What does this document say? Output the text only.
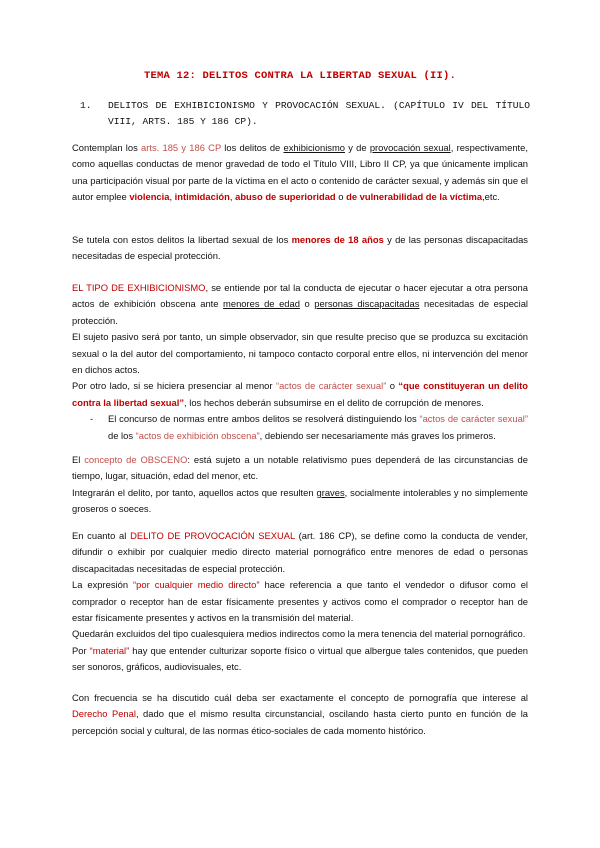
TEMA 12: DELITOS CONTRA LA LIBERTAD SEXUAL (II).
1.	DELITOS DE EXHIBICIONISMO Y PROVOCACIÓN SEXUAL. (CAPÍTULO IV DEL TÍTULO VIII, ARTS. 185 Y 186 CP).
Contemplan los arts. 185 y 186 CP los delitos de exhibicionismo y de provocación sexual, respectivamente, como aquellas conductas de menor gravedad de todo el Título VIII, Libro II CP, ya que únicamente implican una participación visual por parte de la víctima en el acto o contenido de carácter sexual, y además sin que el autor emplee violencia, intimidación, abuso de superioridad o de vulnerabilidad de la víctima,etc.
Se tutela con estos delitos la libertad sexual de los menores de 18 años y de las personas discapacitadas necesitadas de especial protección.

EL TIPO DE EXHIBICIONISMO, se entiende por tal la conducta de ejecutar o hacer ejecutar a otra persona actos de exhibición obscena ante menores de edad o personas discapacitadas necesitadas de especial protección.

El sujeto pasivo será por tanto, un simple observador, sin que resulte preciso que se produzca su excitación sexual o la del autor del comportamiento, ni tampoco contacto corporal entre ellos, ni intervención del menor en dichos actos.

Por otro lado, si se hiciera presenciar al menor “actos de carácter sexual” o “que constituyeran un delito contra la libertad sexual”, los hechos deberán subsumirse en el delito de corrupción de menores.

- El concurso de normas entre ambos delitos se resolverá distinguiendo los “actos de carácter sexual” de los “actos de exhibición obscena”, debiendo ser necesariamente más graves los primeros.

El concepto de OBSCENO: está sujeto a un notable relativismo pues dependerá de las circunstancias de tiempo, lugar, situación, edad del menor, etc.

Integrarán el delito, por tanto, aquellos actos que resulten graves, socialmente intolerables y no simplemente groseros o soeces.

En cuanto al DELITO DE PROVOCACIÓN SEXUAL (art. 186 CP), se define como la conducta de vender, difundir o exhibir por cualquier medio directo material pornográfico entre menores de edad o personas discapacitadas necesitadas de especial protección.

La expresión “por cualquier medio directo” hace referencia a que tanto el vendedor o difusor como el comprador o receptor han de estar físicamente presentes y activos como el comprador o receptor han de estar físicamente presentes y activos en la transmisión del material.

Quedarán excluidos del tipo cualesquiera medios indirectos como la mera tenencia del material pornográfico.

Por “material” hay que entender culturizar soporte físico o virtual que albergue tales contenidos, que pueden ser sonoros, gráficos, audiovisuales, etc.

Con frecuencia se ha discutido cuál deba ser exactamente el concepto de pornografía que interese al Derecho Penal, dado que el mismo resulta circunstancial, oscilando hasta cierto punto en función de la percepción social y cultural, de las normas ético-sociales de cada momento histórico.
